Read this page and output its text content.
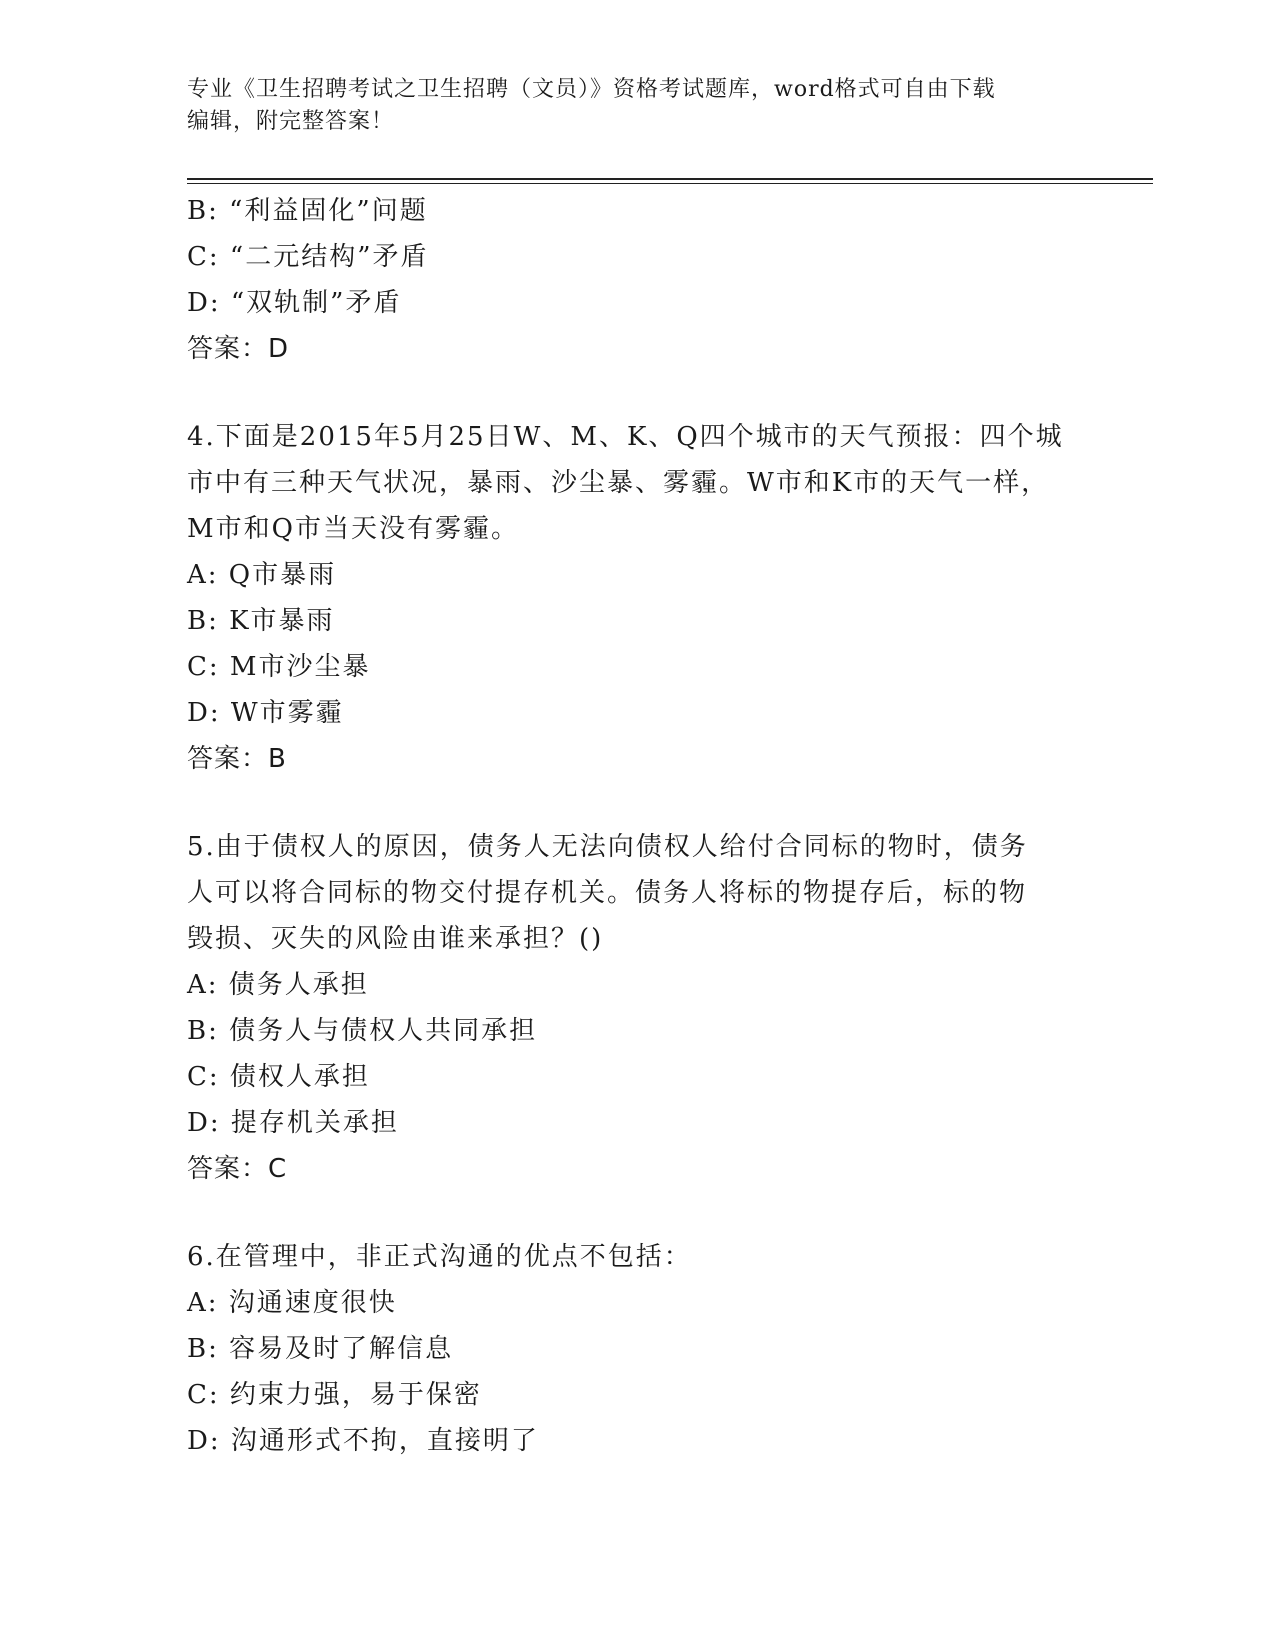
专业《卫生招聘考试之卫生招聘（文员）》资格考试题库，word格式可自由下载
编辑，附完整答案！
B: “利益固化”问题
C: “二元结构”矛盾
D: “双轨制”矛盾
答案：D
4.下面是2015年5月25日W、M、K、Q四个城市的天气预报：四个城
市中有三种天气状况，暴雨、沙尘暴、雾霾。W市和K市的天气一样，
M市和Q市当天没有雾霾。
A: Q市暴雨
B: K市暴雨
C: M市沙尘暴
D: W市雾霾
答案：B
5.由于债权人的原因，债务人无法向债权人给付合同标的物时，债务
人可以将合同标的物交付提存机关。债务人将标的物提存后，标的物
毁损、灭失的风险由谁来承担？()
A: 债务人承担
B: 债务人与债权人共同承担
C: 债权人承担
D: 提存机关承担
答案：C
6.在管理中，非正式沟通的优点不包括：
A: 沟通速度很快
B: 容易及时了解信息
C: 约束力强，易于保密
D: 沟通形式不拘，直接明了
